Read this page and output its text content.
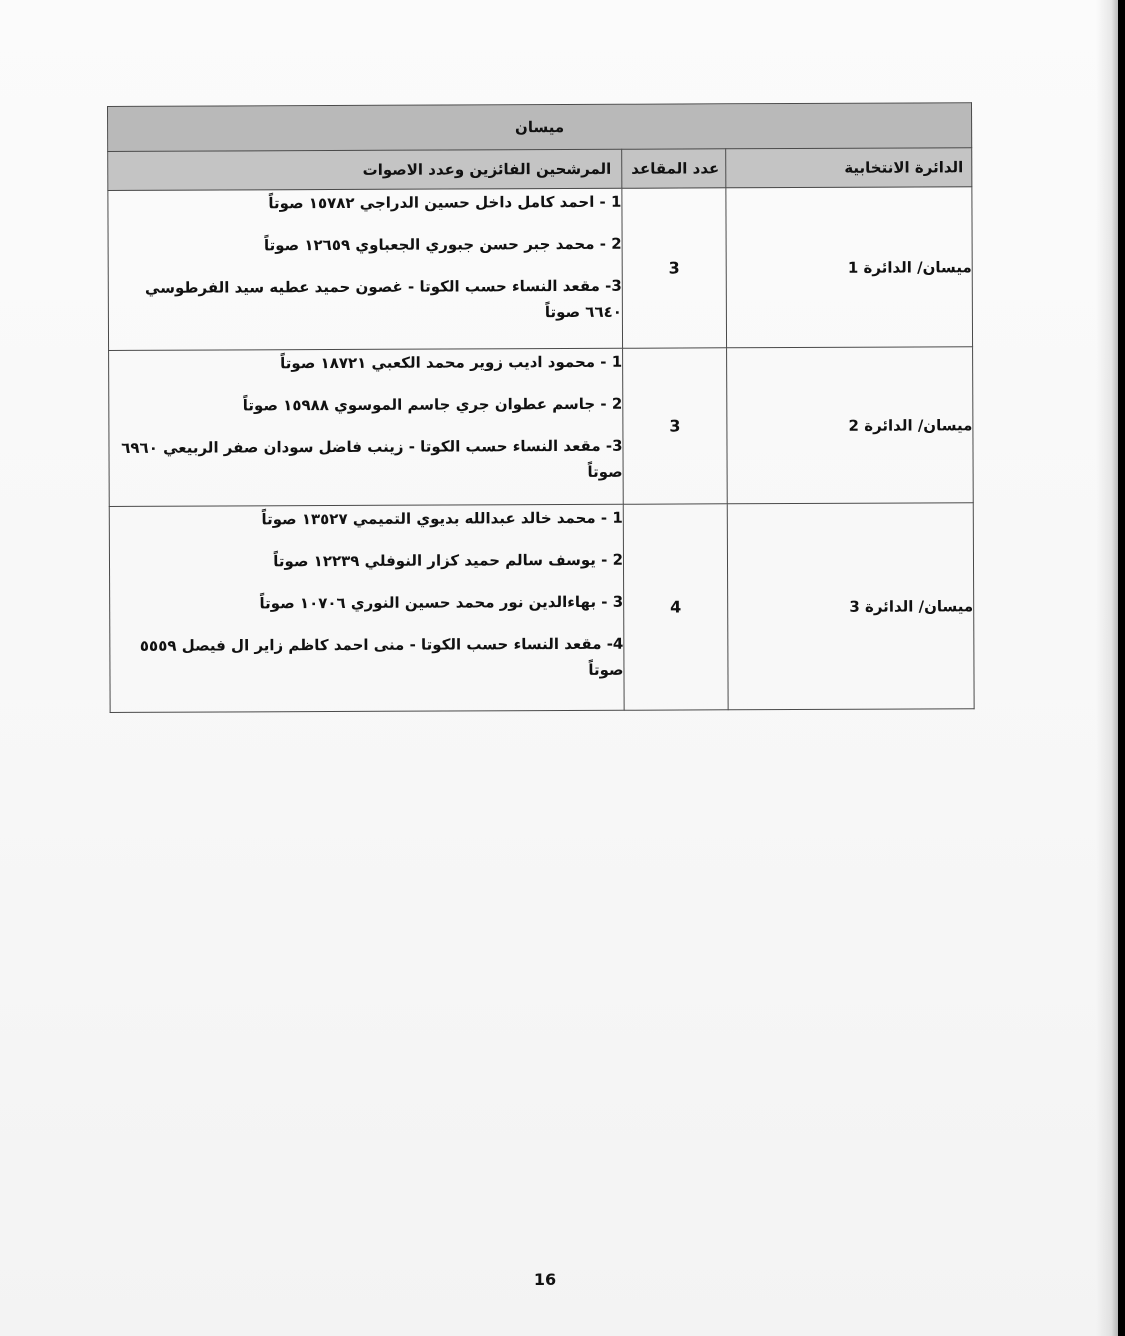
ميسان		
الدائرة الانتخابية	عدد المقاعد	المرشحين الفائزين وعدد الاصوات
ميسان/ الدائرة 1	3	1 - احمد كامل داخل حسين الدراجي ١٥٧٨٢ صوتاً
2 - محمد جبر حسن جبوري الجعباوي ١٢٦٥٩ صوتاً
3- مقعد النساء حسب الكوتا - غصون حميد عطيه سيد الفرطوسي ٦٦٤٠ صوتاً

ميسان/ الدائرة 2	3	1 - محمود اديب زوير محمد الكعبي ١٨٧٢١ صوتاً
2 - جاسم عطوان جري جاسم الموسوي ١٥٩٨٨ صوتاً
3- مقعد النساء حسب الكوتا - زينب فاضل سودان صفر الربيعي ٦٩٦٠ صوتاً

ميسان/ الدائرة 3	4	1 - محمد خالد عبدالله بديوي التميمي ١٣٥٢٧ صوتاً
2 - يوسف سالم حميد كزار النوفلي ١٢٢٣٩ صوتاً
3 - بهاءالدين نور محمد حسين النوري ١٠٧٠٦ صوتاً
4- مقعد النساء حسب الكوتا - منى احمد كاظم زاير ال فيصل ٥٥٥٩ صوتاً
16
